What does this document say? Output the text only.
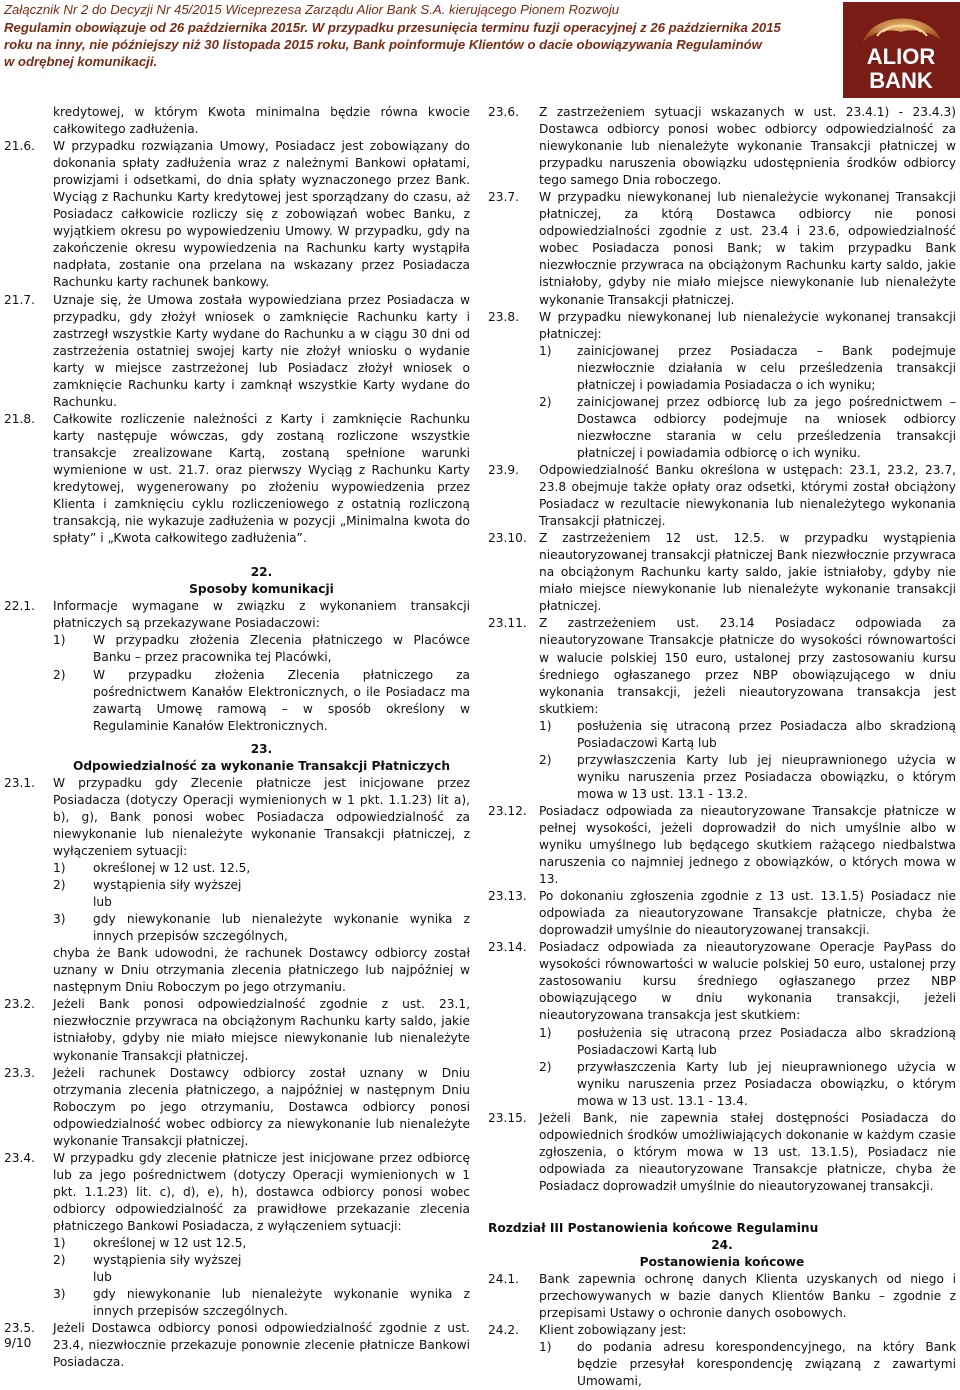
Załącznik Nr 2 do Decyzji Nr 45/2015 Wiceprezesa Zarządu Alior Bank S.A. kierującego Pionem Rozwoju
Regulamin obowiązuje od 26 października 2015r. W przypadku przesunięcia terminu fuzji operacyjnej z 26 października 2015
roku na inny, nie późniejszy niż 30 listopada 2015 roku, Bank poinformuje Klientów o dacie obowiązywania Regulaminów
w odrębnej komunikacji.	ALIOR
BANK
kredytowej, w którym Kwota minimalna będzie równa kwocie całkowitego zadłużenia.
21.6. W przypadku rozwiązania Umowy, Posiadacz jest zobowiązany do dokonania spłaty zadłużenia wraz z należnymi Bankowi opłatami, prowizjami i odsetkami, do dnia spłaty wyznaczonego przez Bank. Wyciąg z Rachunku Karty kredytowej jest sporządzany do czasu, aż Posiadacz całkowicie rozliczy się z zobowiązań wobec Banku, z wyjątkiem okresu po wypowiedzeniu Umowy. W przypadku, gdy na zakończenie okresu wypowiedzenia na Rachunku karty wystąpiła nadpłata, zostanie ona przelana na wskazany przez Posiadacza Rachunku karty rachunek bankowy.
21.7. Uznaje się, że Umowa została wypowiedziana przez Posiadacza w przypadku, gdy złożył wniosek o zamknięcie Rachunku karty i zastrzegł wszystkie Karty wydane do Rachunku a w ciągu 30 dni od zastrzeżenia ostatniej swojej karty nie złożył wniosku o wydanie karty w miejsce zastrzeżonej lub Posiadacz złożył wniosek o zamknięcie Rachunku karty i zamknął wszystkie Karty wydane do Rachunku.
21.8. Całkowite rozliczenie należności z Karty i zamknięcie Rachunku karty następuje wówczas, gdy zostaną rozliczone wszystkie transakcje zrealizowane Kartą, zostaną spełnione warunki wymienione w ust. 21.7. oraz pierwszy Wyciąg z Rachunku Karty kredytowej, wygenerowany po złożeniu wypowiedzenia przez Klienta i zamknięciu cyklu rozliczeniowego z ostatnią rozliczoną transakcją, nie wykazuje zadłużenia w pozycji „Minimalna kwota do spłaty” i „Kwota całkowitego zadłużenia”.
22.
Sposoby komunikacji
22.1. Informacje wymagane w związku z wykonaniem transakcji płatniczych są przekazywane Posiadaczowi:
1) W przypadku złożenia Zlecenia płatniczego w Placówce Banku – przez pracownika tej Placówki,
2) W przypadku złożenia Zlecenia płatniczego za pośrednictwem Kanałów Elektronicznych, o ile Posiadacz ma zawartą Umowę ramową – w sposób określony w Regulaminie Kanałów Elektronicznych.
23.
Odpowiedzialność za wykonanie Transakcji Płatniczych
23.1. W przypadku gdy Zlecenie płatnicze jest inicjowane przez Posiadacza (dotyczy Operacji wymienionych w 1 pkt. 1.1.23) lit a), b), g), Bank ponosi wobec Posiadacza odpowiedzialność za niewykonanie lub nienależyte wykonanie Transakcji płatniczej, z wyłączeniem sytuacji:
1) określonej w 12 ust. 12.5,
2) wystąpienia siły wyższej
lub
3) gdy niewykonanie lub nienależyte wykonanie wynika z innych przepisów szczególnych,
chyba że Bank udowodni, że rachunek Dostawcy odbiorcy został uznany w Dniu otrzymania zlecenia płatniczego lub najpóźniej w następnym Dniu Roboczym po jego otrzymaniu.
23.2. Jeżeli Bank ponosi odpowiedzialność zgodnie z ust. 23.1, niezwłocznie przywraca na obciążonym Rachunku karty saldo, jakie istniałoby, gdyby nie miało miejsce niewykonanie lub nienależyte wykonanie Transakcji płatniczej.
23.3. Jeżeli rachunek Dostawcy odbiorcy został uznany w Dniu otrzymania zlecenia płatniczego, a najpóźniej w następnym Dniu Roboczym po jego otrzymaniu, Dostawca odbiorcy ponosi odpowiedzialność wobec odbiorcy za niewykonanie lub nienależyte wykonanie Transakcji płatniczej.
23.4. W przypadku gdy zlecenie płatnicze jest inicjowane przez odbiorcę lub za jego pośrednictwem (dotyczy Operacji wymienionych w 1 pkt. 1.1.23) lit. c), d), e), h), dostawca odbiorcy ponosi wobec odbiorcy odpowiedzialność za prawidłowe przekazanie zlecenia płatniczego Bankowi Posiadacza, z wyłączeniem sytuacji:
1) określonej w 12 ust 12.5,
2) wystąpienia siły wyższej
lub
3) gdy niewykonanie lub nienależyte wykonanie wynika z innych przepisów szczególnych.
23.5. Jeżeli Dostawca odbiorcy ponosi odpowiedzialność zgodnie z ust. 23.4, niezwłocznie przekazuje ponownie zlecenie płatnicze Bankowi Posiadacza.
23.6. Z zastrzeżeniem sytuacji wskazanych w ust. 23.4.1) - 23.4.3) Dostawca odbiorcy ponosi wobec odbiorcy odpowiedzialność za niewykonanie lub nienależyte wykonanie Transakcji płatniczej w przypadku naruszenia obowiązku udostępnienia środków odbiorcy tego samego Dnia roboczego.
23.7. W przypadku niewykonanej lub nienależycie wykonanej Transakcji płatniczej, za którą Dostawca odbiorcy nie ponosi odpowiedzialności zgodnie z ust. 23.4 i 23.6, odpowiedzialność wobec Posiadacza ponosi Bank; w takim przypadku Bank niezwłocznie przywraca na obciążonym Rachunku karty saldo, jakie istniałoby, gdyby nie miało miejsce niewykonanie lub nienależyte wykonanie Transakcji płatniczej.
23.8. W przypadku niewykonanej lub nienależycie wykonanej transakcji płatniczej:
1) zainicjowanej przez Posiadacza – Bank podejmuje niezwłocznie działania w celu prześledzenia transakcji płatniczej i powiadamia Posiadacza o ich wyniku;
2) zainicjowanej przez odbiorcę lub za jego pośrednictwem – Dostawca odbiorcy podejmuje na wniosek odbiorcy niezwłoczne starania w celu prześledzenia transakcji płatniczej i powiadamia odbiorcę o ich wyniku.
23.9. Odpowiedzialność Banku określona w ustępach: 23.1, 23.2, 23.7, 23.8 obejmuje także opłaty oraz odsetki, którymi został obciążony Posiadacz w rezultacie niewykonania lub nienależytego wykonania Transakcji płatniczej.
23.10. Z zastrzeżeniem 12 ust. 12.5. w przypadku wystąpienia nieautoryzowanej transakcji płatniczej Bank niezwłocznie przywraca na obciążonym Rachunku karty saldo, jakie istniałoby, gdyby nie miało miejsce niewykonanie lub nienależyte wykonanie transakcji płatniczej.
23.11. Z zastrzeżeniem ust. 23.14 Posiadacz odpowiada za nieautoryzowane Transakcje płatnicze do wysokości równowartości w walucie polskiej 150 euro, ustalonej przy zastosowaniu kursu średniego ogłaszanego przez NBP obowiązującego w dniu wykonania transakcji, jeżeli nieautoryzowana transakcja jest skutkiem:
1) posłużenia się utraconą przez Posiadacza albo skradzioną Posiadaczowi Kartą lub
2) przywłaszczenia Karty lub jej nieuprawnionego użycia w wyniku naruszenia przez Posiadacza obowiązku, o którym mowa w 13 ust. 13.1 - 13.2.
23.12. Posiadacz odpowiada za nieautoryzowane Transakcje płatnicze w pełnej wysokości, jeżeli doprowadził do nich umyślnie albo w wyniku umyślnego lub będącego skutkiem rażącego niedbalstwa naruszenia co najmniej jednego z obowiązków, o których mowa w 13.
23.13. Po dokonaniu zgłoszenia zgodnie z 13 ust. 13.1.5) Posiadacz nie odpowiada za nieautoryzowane Transakcje płatnicze, chyba że doprowadził umyślnie do nieautoryzowanej transakcji.
23.14. Posiadacz odpowiada za nieautoryzowane Operacje PayPass do wysokości równowartości w walucie polskiej 50 euro, ustalonej przy zastosowaniu kursu średniego ogłaszanego przez NBP obowiązującego w dniu wykonania transakcji, jeżeli nieautoryzowana transakcja jest skutkiem:
1) posłużenia się utraconą przez Posiadacza albo skradzioną Posiadaczowi Kartą lub
2) przywłaszczenia Karty lub jej nieuprawnionego użycia w wyniku naruszenia przez Posiadacza obowiązku, o którym mowa w 13 ust. 13.1 - 13.4.
23.15. Jeżeli Bank, nie zapewnia stałej dostępności Posiadacza do odpowiednich środków umożliwiających dokonanie w każdym czasie zgłoszenia, o którym mowa w 13 ust. 13.1.5), Posiadacz nie odpowiada za nieautoryzowane Transakcje płatnicze, chyba że Posiadacz doprowadził umyślnie do nieautoryzowanej transakcji.
Rozdział III Postanowienia końcowe Regulaminu
24.
Postanowienia końcowe
24.1. Bank zapewnia ochronę danych Klienta uzyskanych od niego i przechowywanych w bazie danych Klientów Banku – zgodnie z przepisami Ustawy o ochronie danych osobowych.
24.2. Klient zobowiązany jest:
1) do podania adresu korespondencyjnego, na który Bank będzie przesyłał korespondencję związaną z zawartymi Umowami,
9/10
